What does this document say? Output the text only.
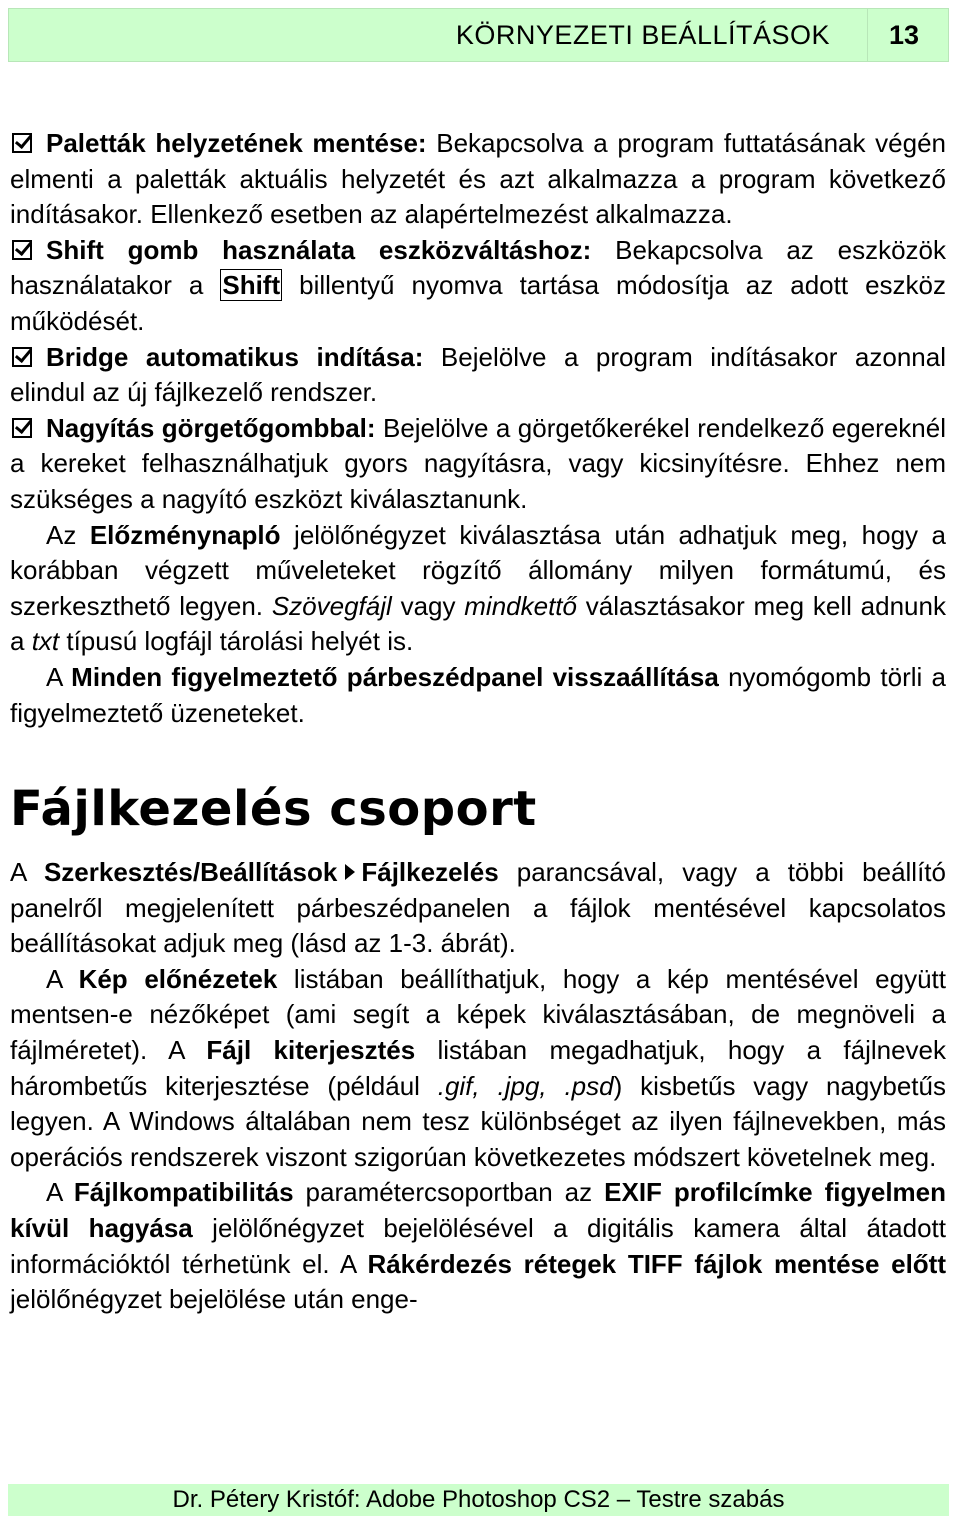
KÖRNYEZETI BEÁLLÍTÁSOK	13

Paletták helyzetének mentése: Bekapcsolva a program futtatásának végén elmenti a paletták aktuális helyzetét és azt alkalmazza a program következő indításakor. Ellenkező esetben az alapértelmezést alkalmazza.

Shift gomb használata eszközváltáshoz: Bekapcsolva az eszközök használatakor a Shift billentyű nyomva tartása módosítja az adott eszköz működését.

Bridge automatikus indítása: Bejelölve a program indításakor azonnal elindul az új fájlkezelő rendszer.

Nagyítás görgetőgombbal: Bejelölve a görgetőkerékel rendelkező egereknél a kereket felhasználhatjuk gyors nagyításra, vagy kicsinyítésre. Ehhez nem szükséges a nagyító eszközt kiválasztanunk.

Az Előzménynapló jelölőnégyzet kiválasztása után adhatjuk meg, hogy a korábban végzett műveleteket rögzítő állomány milyen formátumú, és szerkeszthető legyen. Szövegfájl vagy mindkettő választásakor meg kell adnunk a txt típusú logfájl tárolási helyét is.

A Minden figyelmeztető párbeszédpanel visszaállítása nyomógomb törli a figyelmeztető üzeneteket.

Fájlkezelés csoport

A Szerkesztés/Beállítások Fájlkezelés parancsával, vagy a többi beállító panelről megjelenített párbeszédpanelen a fájlok mentésével kapcsolatos beállításokat adjuk meg (lásd az 1-3. ábrát).

A Kép előnézetek listában beállíthatjuk, hogy a kép mentésével együtt mentsen-e nézőképet (ami segít a képek kiválasztásában, de megnöveli a fájlméretet). A Fájl kiterjesztés listában megadhatjuk, hogy a fájlnevek hárombetűs kiterjesztése (például .gif, .jpg, .psd) kisbetűs vagy nagybetűs legyen. A Windows általában nem tesz különbséget az ilyen fájlnevekben, más operációs rendszerek viszont szigorúan következetes módszert követelnek meg.

A Fájlkompatibilitás paramétercsoportban az EXIF profilcímke figyelmen kívül hagyása jelölőnégyzet bejelölésével a digitális kamera által átadott információktól térhetünk el. A Rákérdezés rétegek TIFF fájlok mentése előtt jelölőnégyzet bejelölése után enge-

Dr. Pétery Kristóf: Adobe Photoshop CS2 – Testre szabás
